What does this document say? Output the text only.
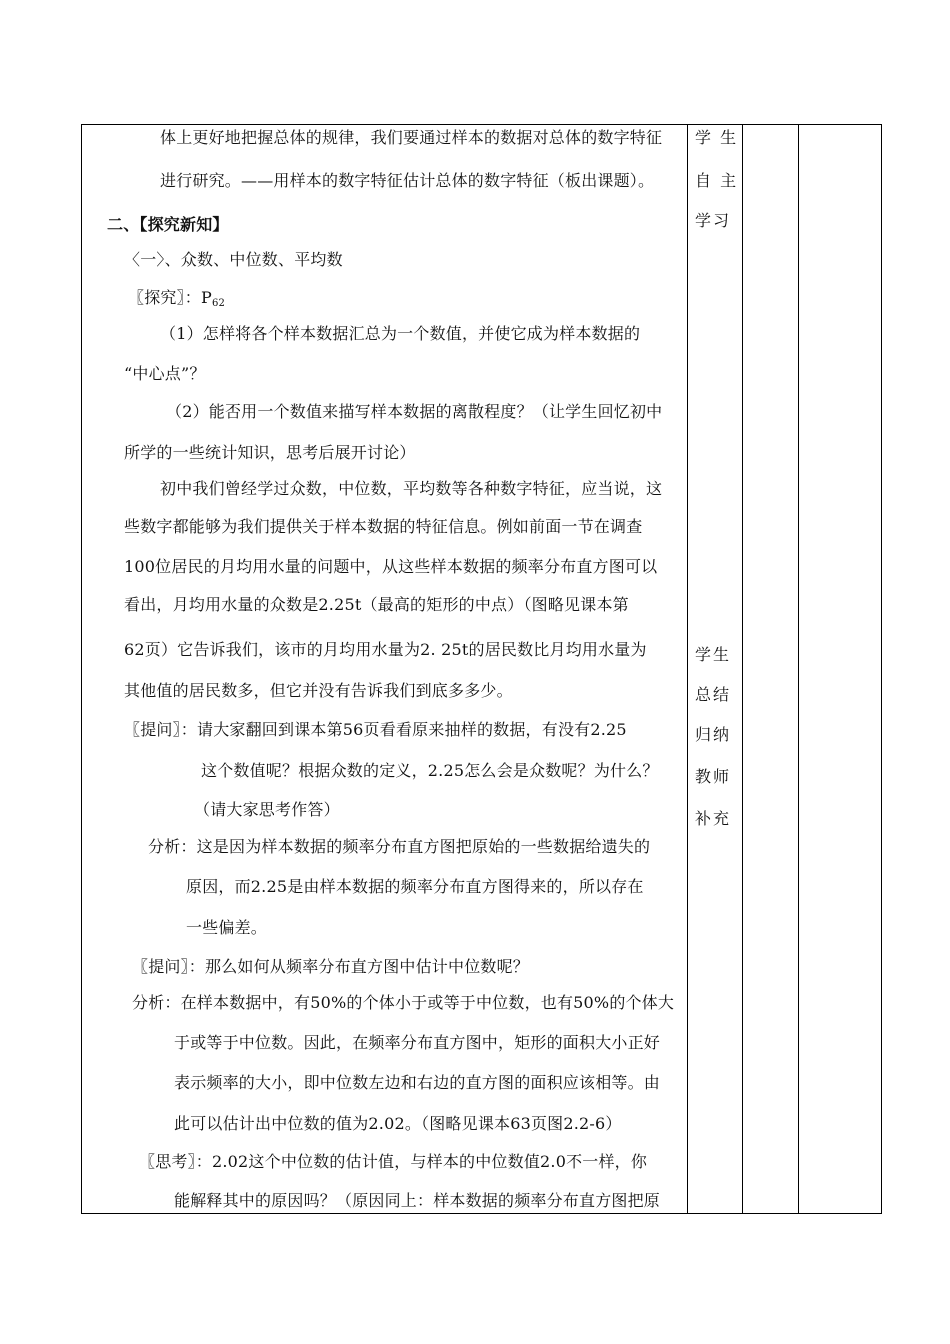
体上更好地把握总体的规律，我们要通过样本的数据对总体的数字特征
进行研究。——用样本的数字特征估计总体的数字特征（板出课题）。
二、【探究新知】
〈一〉、众数、中位数、平均数
〖探究〗：$P_{62}$
（1）怎样将各个样本数据汇总为一个数值，并使它成为样本数据的
“中心点”？
（2）能否用一个数值来描写样本数据的离散程度？（让学生回忆初中
所学的一些统计知识，思考后展开讨论）
初中我们曾经学过众数，中位数，平均数等各种数字特征，应当说，这
些数字都能够为我们提供关于样本数据的特征信息。例如前面一节在调查
100位居民的月均用水量的问题中，从这些样本数据的频率分布直方图可以
看出，月均用水量的众数是2.25t（最高的矩形的中点）（图略见课本第
62页）它告诉我们，该市的月均用水量为2. 25t的居民数比月均用水量为
其他值的居民数多，但它并没有告诉我们到底多多少。
〖提问〗：请大家翻回到课本第56页看看原来抽样的数据，有没有2.25
这个数值呢？根据众数的定义，2.25怎么会是众数呢？为什么？
（请大家思考作答）
分析：这是因为样本数据的频率分布直方图把原始的一些数据给遗失的
原因，而2.25是由样本数据的频率分布直方图得来的，所以存在
一些偏差。
〖提问〗：那么如何从频率分布直方图中估计中位数呢？
分析：在样本数据中，有50%的个体小于或等于中位数，也有50%的个体大
于或等于中位数。因此，在频率分布直方图中，矩形的面积大小正好
表示频率的大小，即中位数左边和右边的直方图的面积应该相等。由
此可以估计出中位数的值为2.02。（图略见课本63页图2.2-6）
〖思考〗：2.02这个中位数的估计值，与样本的中位数值2.0不一样，你
能解释其中的原因吗？（原因同上：样本数据的频率分布直方图把原
学 生
自 主
学习
学生
总结
归纳
教师
补充
